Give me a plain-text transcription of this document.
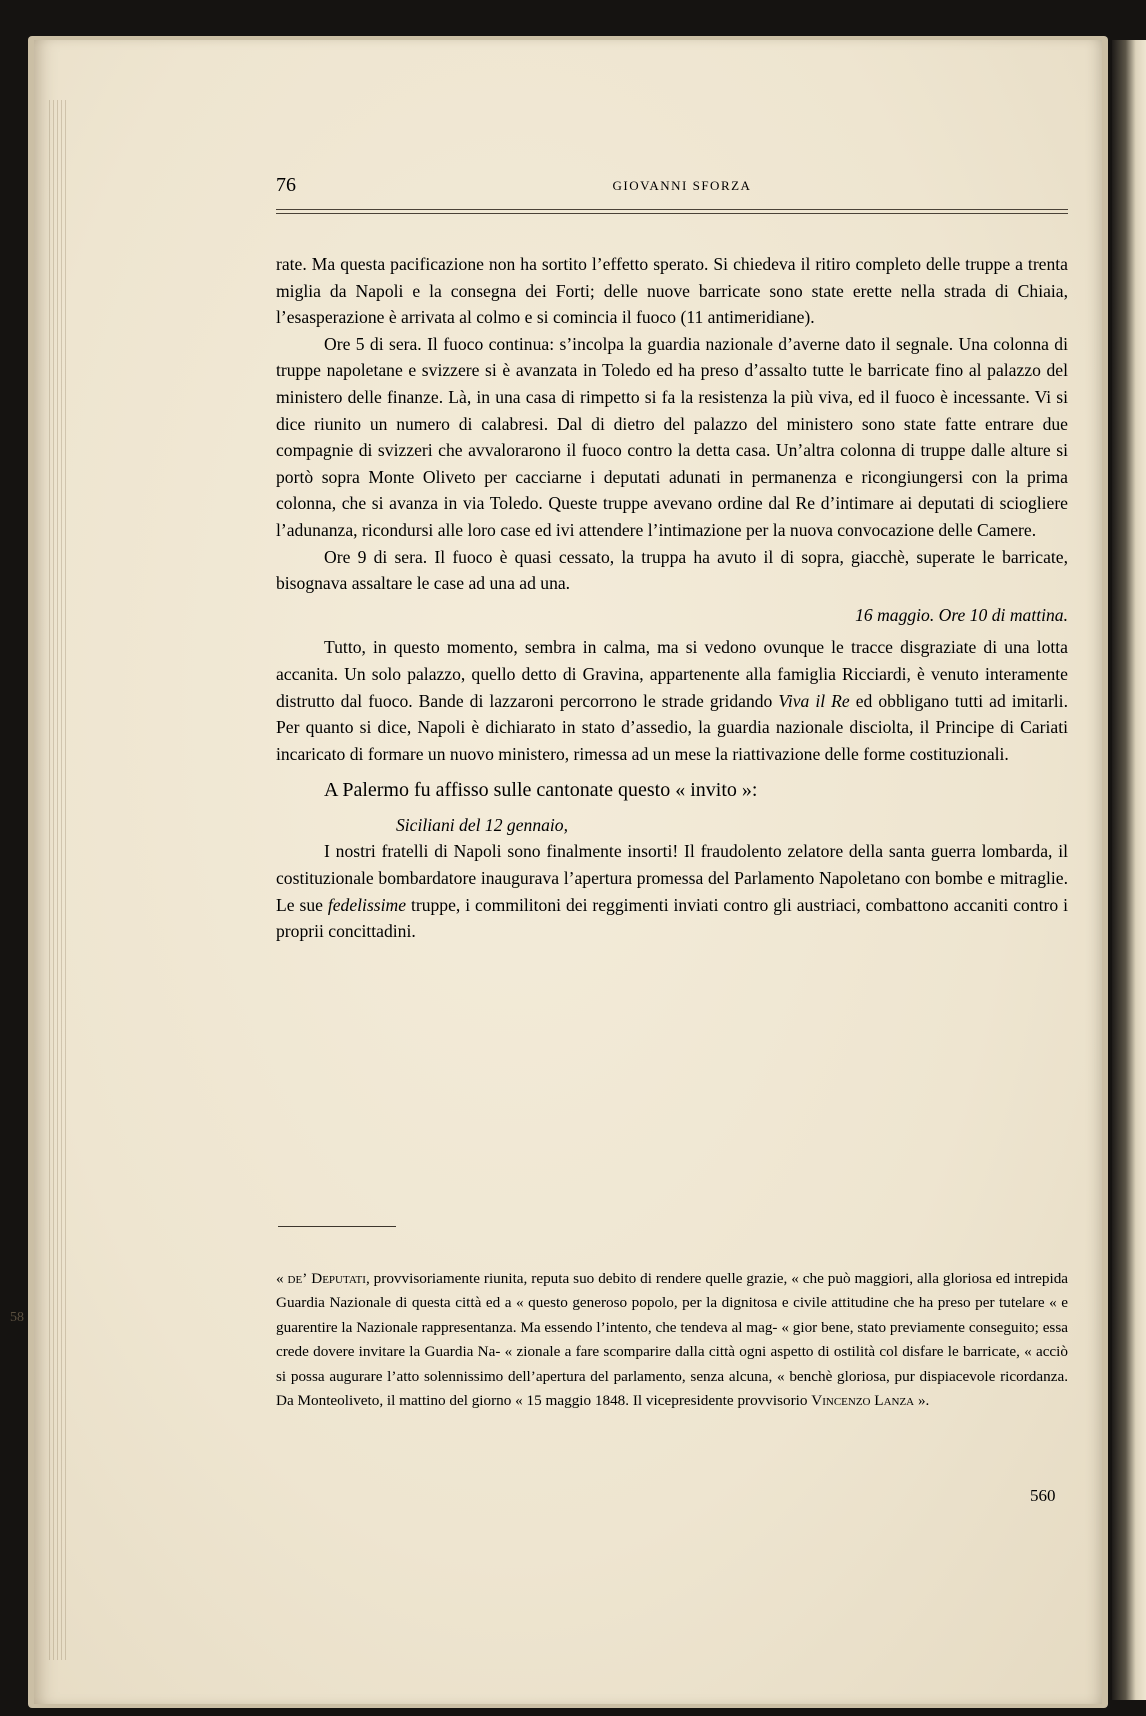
58
76	GIOVANNI SFORZA

rate. Ma questa pacificazione non ha sortito l’effetto sperato. Si chiedeva il ritiro completo delle truppe a trenta miglia da Napoli e la consegna dei Forti; delle nuove barricate sono state erette nella strada di Chiaia, l’esasperazione è arrivata al colmo e si comincia il fuoco (11 antimeridiane).

Ore 5 di sera. Il fuoco continua: s’incolpa la guardia nazionale d’averne dato il segnale. Una colonna di truppe napoletane e svizzere si è avanzata in Toledo ed ha preso d’assalto tutte le barricate fino al palazzo del ministero delle finanze. Là, in una casa di rimpetto si fa la resistenza la più viva, ed il fuoco è incessante. Vi si dice riunito un numero di calabresi. Dal di dietro del palazzo del ministero sono state fatte entrare due compagnie di svizzeri che avvalorarono il fuoco contro la detta casa. Un’altra colonna di truppe dalle alture si portò sopra Monte Oliveto per cacciarne i deputati adunati in permanenza e ricongiungersi con la prima colonna, che si avanza in via Toledo. Queste truppe avevano ordine dal Re d’intimare ai deputati di sciogliere l’adunanza, ricondursi alle loro case ed ivi attendere l’intimazione per la nuova convocazione delle Camere.

Ore 9 di sera. Il fuoco è quasi cessato, la truppa ha avuto il di sopra, giacchè, superate le barricate, bisognava assaltare le case ad una ad una.

16 maggio. Ore 10 di mattina.

Tutto, in questo momento, sembra in calma, ma si vedono ovunque le tracce disgraziate di una lotta accanita. Un solo palazzo, quello detto di Gravina, appartenente alla famiglia Ricciardi, è venuto interamente distrutto dal fuoco. Bande di lazzaroni percorrono le strade gridando Viva il Re ed obbligano tutti ad imitarli. Per quanto si dice, Napoli è dichiarato in stato d’assedio, la guardia nazionale disciolta, il Principe di Cariati incaricato di formare un nuovo ministero, rimessa ad un mese la riattivazione delle forme costituzionali.

A Palermo fu affisso sulle cantonate questo « invito »:

Siciliani del 12 gennaio,

I nostri fratelli di Napoli sono finalmente insorti! Il fraudolento zelatore della santa guerra lombarda, il costituzionale bombardatore inaugurava l’apertura promessa del Parlamento Napoletano con bombe e mitraglie. Le sue fedelissime truppe, i commilitoni dei reggimenti inviati contro gli austriaci, combattono accaniti contro i proprii concittadini.

« de’ Deputati, provvisoriamente riunita, reputa suo debito di rendere quelle grazie, « che può maggiori, alla gloriosa ed intrepida Guardia Nazionale di questa città ed a « questo generoso popolo, per la dignitosa e civile attitudine che ha preso per tutelare « e guarentire la Nazionale rappresentanza. Ma essendo l’intento, che tendeva al mag- « gior bene, stato previamente conseguito; essa crede dovere invitare la Guardia Na- « zionale a fare scomparire dalla città ogni aspetto di ostilità col disfare le barricate, « acciò si possa augurare l’atto solennissimo dell’apertura del parlamento, senza alcuna, « benchè gloriosa, pur dispiacevole ricordanza. Da Monteoliveto, il mattino del giorno « 15 maggio 1848. Il vicepresidente provvisorio Vincenzo Lanza ».

560
